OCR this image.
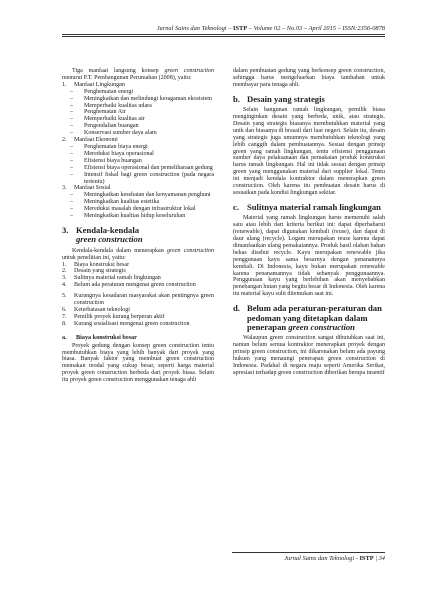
Jurnal Sains dan Teknologi – ISTP – Volume 02 – No.03 – April 2015 – ISSN:2356-0878

Tiga manfaat langsung konsep green construction menurut P.T. Pembangunan Perumahan (2008), yaitu:

1.	Manfaat Lingkungan
–	Penghematan energi
–	Meningkatkan dan melindungi keragaman ekosistem
–	Memperbaiki kualitas udara
–	Penghematan Air
–	Memperbaiki kualitas air
–	Pengendalian buangan
–	Konservasi sumber daya alam
2.	Manfaat Ekonomi
–	Penghematan biaya energi
–	Mereduksi biaya operasional
–	Efisiensi biaya buangan
–	Efisiensi biaya operasional dan pemeliharaan gedung
–	Intensif fiskal bagi green construction (pada negara tertentu)
3.	Manfaat Sosial
–	Meningkatkan kesehatan dan kenyamanan penghuni
–	Meningkatkan kualitas estetika
–	Mereduksi masalah dengan infrastruktur lokal
–	Meningkatkan kualitas hidup keseluruhan
3. Kendala-kendala
green construction

Kendala-kendala dalam menerapkan green construction untuk penelitian ini, yaitu:

1.	Biaya konstruksi besar
2.	Desain yang strategis
3.	Sulitnya material ramah lingkungan
4.	Belum ada peraturan mengenai green construction
5.	Kurangnya kesadaran masyarakat akan pentingnya green construction
6.	Keterbatasan teknologi
7.	Pemilik proyek kurang berperan aktif
8.	Kurang sosialisasi mengenai green construction
a.	Biaya konstruksi besar

Proyek gedung dengan konsep green construction tentu membutuhkan biaya yang lebih banyak dari proyek yang biasa. Banyak faktor yang membuat green construction memakan modal yang cukup besar, seperti harga material proyek green construction berbeda dari proyek biasa. Selain itu proyek green construction menggunakan tenaga ahli

dalam pembuatan gedung yang berkonsep green construction, sehingga harus mengeluarkan biaya tambahan untuk membayar para tenaga ahli.

b. Desain yang strategis

Selain bangunan ramah lingkungan, pemilik biasa menginginkan desain yang berbeda, unik, atau strategis. Desain yang strategis biasanya membutuhkan material yang unik dan biasanya di brasail dari luar negeri. Selain itu, desain yang strategis juga umumnya membutuhkan teknologi yang lebih canggih dalam pembuatannya. Sesuai dengan prinsip green yang ramah lingkungan, tentu efisiensi penggunaan sumber daya pelaksanaan dan pemakaian produk konstruksi harus ramah lingkungan. Hal ini tidak sesuai dengan prinsip green yang menggunakan material dari supplier lokal. Tentu ini menjadi kendala kontraktor dalam menerapkan green construction. Oleh karena itu pembuatan desain harus di sesuaikan pada kondisi lingkungan sekitar.

c. Sulitnya material ramah lingkungan

Material yang ramah lingkungan harus memenuhi salah satu atau lebih dari kriteria berikut ini: dapat diperbaharui (renewable), dapat digunakan kembali (reuse), dan dapat di daur ulang (recycle). Logam merupakan reuse karena dapat dimanfaatkan ulang pemakaiannya. Produk hasil olahan bahan bekas disebut recycle. Kayu merupakan renewable jika penggunaan kayu sama besarnya dengan penanamnya kembali. Di Indonesia, kayu bukan merupakan renewable karena penanamannya tidak sebanyak penggunaannya. Penggunaan kayu yang berlebihan akan menyebabkan penebangan hutan yang begitu besar di Indonesia. Oleh karena itu material kayu sulit ditemukan saat ini.

d. Belum ada peraturan-peraturan dan pedoman yang ditetapkan dalam penerapan green construction

Walaupun green construction sangat dibutuhkan saat ini, namun belum semua kontraktor menerapkan proyek dengan prinsip green construction, ini dikarenakan belum ada payung hukum yang menaungi penerapan green construction di Indonesia. Padahal di negara maju seperti Amerika Serikat, apresiasi terhadap green construction diberikan berupa insentif

Jurnal Sains dan Teknologi - ISTP | 34
